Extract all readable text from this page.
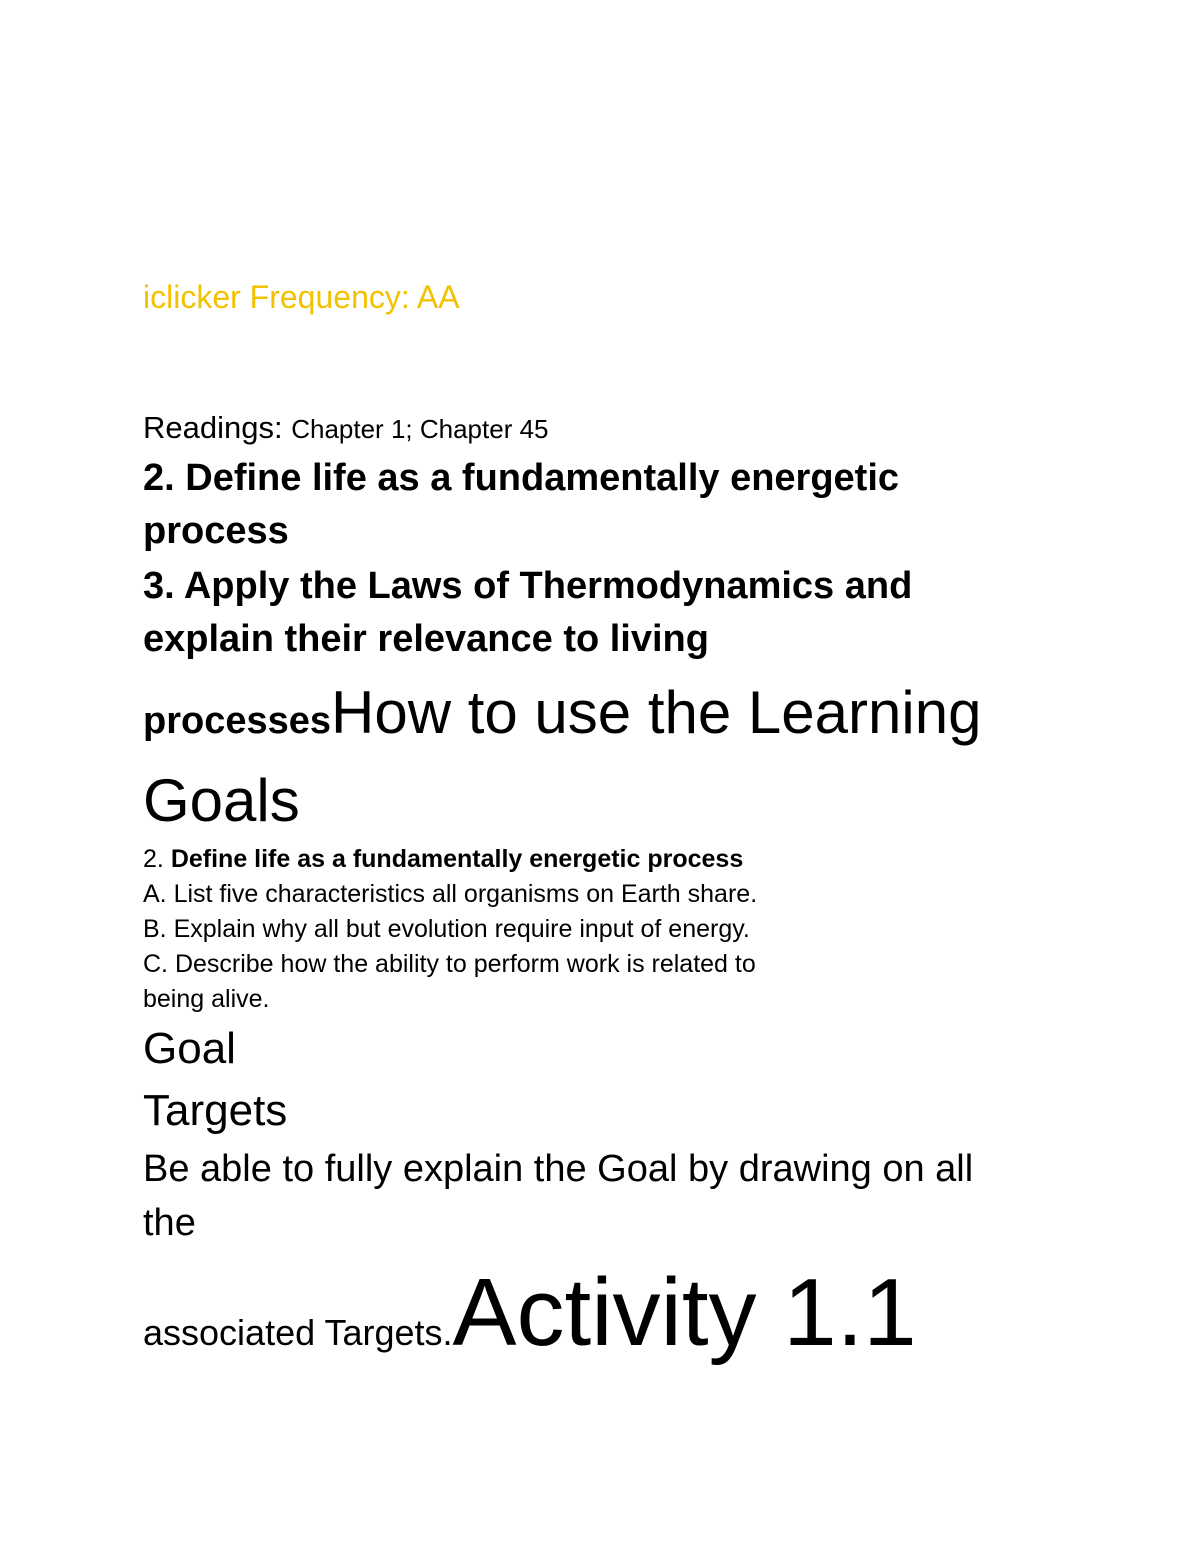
iclicker Frequency: AA
Readings: Chapter 1; Chapter 45
2. Define life as a fundamentally energetic
process
3. Apply the Laws of Thermodynamics and
explain their relevance to living
processesHow to use the Learning
Goals
2. Define life as a fundamentally energetic process
A. List five characteristics all organisms on Earth share.
B. Explain why all but evolution require input of energy.
C. Describe how the ability to perform work is related to
being alive.
Goal
Targets
Be able to fully explain the Goal by drawing on all
the
associated Targets.Activity 1.1
